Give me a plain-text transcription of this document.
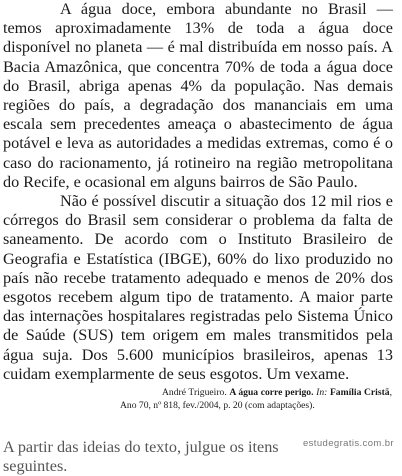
A água doce, embora abundante no Brasil — temos aproximadamente 13% de toda a água doce disponível no planeta — é mal distribuída em nosso país. A Bacia Amazônica, que concentra 70% de toda a água doce do Brasil, abriga apenas 4% da população. Nas demais regiões do país, a degradação dos mananciais em uma escala sem precedentes ameaça o abastecimento de água potável e leva as autoridades a medidas extremas, como é o caso do racionamento, já rotineiro na região metropolitana do Recife, e ocasional em alguns bairros de São Paulo.

Não é possível discutir a situação dos 12 mil rios e córregos do Brasil sem considerar o problema da falta de saneamento. De acordo com o Instituto Brasileiro de Geografia e Estatística (IBGE), 60% do lixo produzido no país não recebe tratamento adequado e menos de 20% dos esgotos recebem algum tipo de tratamento. A maior parte das internações hospitalares registradas pelo Sistema Único de Saúde (SUS) tem origem em males transmitidos pela água suja. Dos 5.600 municípios brasileiros, apenas 13 cuidam exemplarmente de seus esgotos. Um vexame.

André Trigueiro. A água corre perigo. In: Família Cristã, Ano 70, nº 818, fev./2004, p. 20 (com adaptações).
A partir das ideias do texto, julgue os itens seguintes.
estudegratis.com.br
